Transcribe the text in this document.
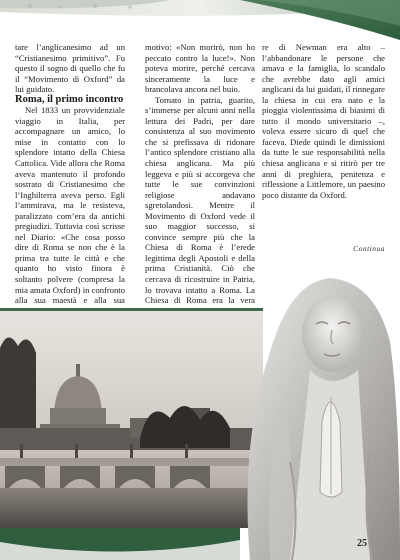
tare l’anglicanesimo ad un “Cristianesimo primitivo”. Fu questo il sogno di quello che fu il “Movimento di Oxford” da lui guidato.

Roma, il primo incontro

Nel 1833 un provvidenziale viaggio in Italia, per accompagnare un amico, lo mise in contatto con lo splendore intatto della Chiesa Cattolica. Vide allora che Roma aveva mantenuto il profondo sostrato di Cristianesimo che l’Inghilterra aveva perso. Egli l’ammirava, ma le resisteva, paralizzato com’era da antichi pregiudizi. Tuttavia così scrisse nel Diario: «Che cosa posso dire di Roma se non che è la prima tra tutte le città e che quanto ho visto finora è soltanto polvere (compresa la mia amata Oxford) in confronto alla sua maestà e alla sua

motivo: «Non morirò, non ho peccato contro la luce!». Non poteva morire, perché cercava sinceramente la luce e brancolava ancora nel buio.

Tornato in patria, guarito, s’immerse per alcuni anni nella lettura dei Padri, per dare consistenza al suo movimento che si prefissava di ridonare l’antico splendore cristiano alla chiesa anglicana. Ma più leggeva e più si accorgeva che tutte le sue convinzioni religiose andavano sgretolandosi. Mentre il Movimento di Oxford vede il suo maggior successo, si convince sempre più che la Chiesa di Roma è l’erede legittima degli Apostoli e della prima Cristianità. Ciò che cercava di ricostruire in Patria, lo trovava intatto a Roma. La Chiesa di Roma era la vera

re di Newman era alto – l’abbandonare le persone che amava e la famiglia, lo scandalo che avrebbe dato agli amici anglicani da lui guidati, il rinnegare la chiesa in cui era nato e la pioggia violentissima di biasimi di tutto il mondo universitario –, voleva essere sicuro di quel che faceva. Diede quindi le dimissioni da tutte le sue responsabilità nella chiesa anglicana e si ritirò per tre anni di preghiera, penitenza e riflessione a Littlemore, un paesino poco distante da Oxford.

Continua
25
